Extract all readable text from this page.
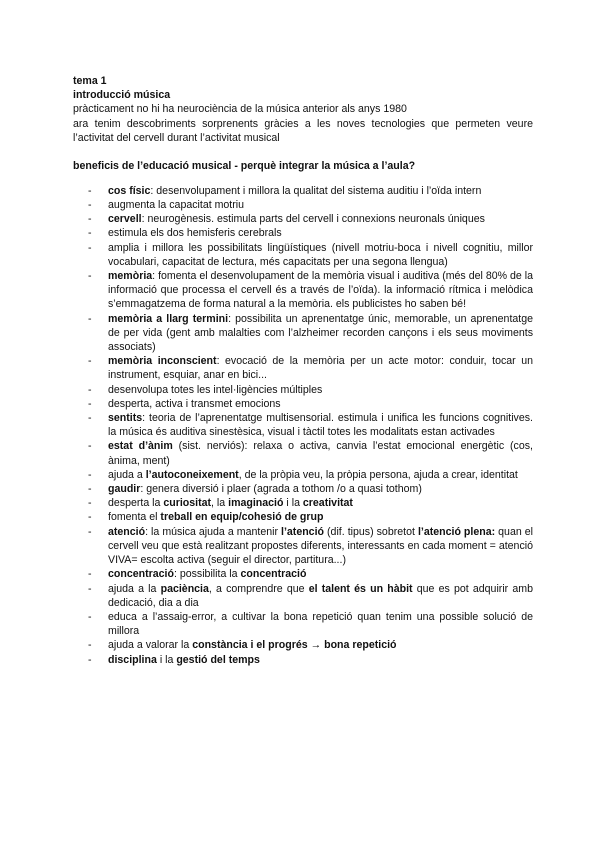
tema 1

introducció música

pràcticament no hi ha neurociència de la música anterior als anys 1980

ara tenim descobriments sorprenents gràcies a les noves tecnologies que permeten veure l’activitat del cervell durant l’activitat musical

beneficis de l’educació musical - perquè integrar la música a l’aula?

- cos físic: desenvolupament i millora la qualitat del sistema auditiu i l’oïda intern
- augmenta la capacitat motriu
- cervell: neurogènesis. estimula parts del cervell i connexions neuronals úniques
- estimula els dos hemisferis cerebrals
- amplia i millora les possibilitats lingüístiques (nivell motriu-boca i nivell cognitiu, millor vocabulari, capacitat de lectura, més capacitats per una segona llengua)
- memòria: fomenta el desenvolupament de la memòria visual i auditiva (més del 80% de la informació que processa el cervell és a través de l’oïda). la informació rítmica i melòdica s’emmagatzema de forma natural a la memòria. els publicistes ho saben bé!
- memòria a llarg termini: possibilita un aprenentatge únic, memorable, un aprenentatge de per vida (gent amb malalties com l’alzheimer recorden cançons i els seus moviments associats)
- memòria inconscient: evocació de la memòria per un acte motor: conduir, tocar un instrument, esquiar, anar en bici...
- desenvolupa totes les intel·ligències múltiples
- desperta, activa i transmet emocions
- sentits: teoria de l’aprenentatge multisensorial. estimula i unifica les funcions cognitives. la música és auditiva sinestèsica, visual i tàctil totes les modalitats estan activades
- estat d’ànim (sist. nerviós): relaxa o activa, canvia l’estat emocional energètic (cos, ànima, ment)
- ajuda a l’autoconeixement, de la pròpia veu, la pròpia persona, ajuda a crear, identitat
- gaudir: genera diversió i plaer (agrada a tothom /o a quasi tothom)
- desperta la curiositat, la imaginació i la creativitat
- fomenta el treball en equip/cohesió de grup
- atenció: la música ajuda a mantenir l’atenció (dif. tipus) sobretot l’atenció plena: quan el cervell veu que està realitzant propostes diferents, interessants en cada moment = atenció VIVA= escolta activa (seguir el director, partitura...)
- concentració: possibilita la concentració
- ajuda a la paciència, a comprendre que el talent és un hàbit que es pot adquirir amb dedicació, dia a dia
- educa a l’assaig-error, a cultivar la bona repetició quan tenim una possible solució de millora
- ajuda a valorar la constància i el progrés → bona repetició
- disciplina i la gestió del temps
